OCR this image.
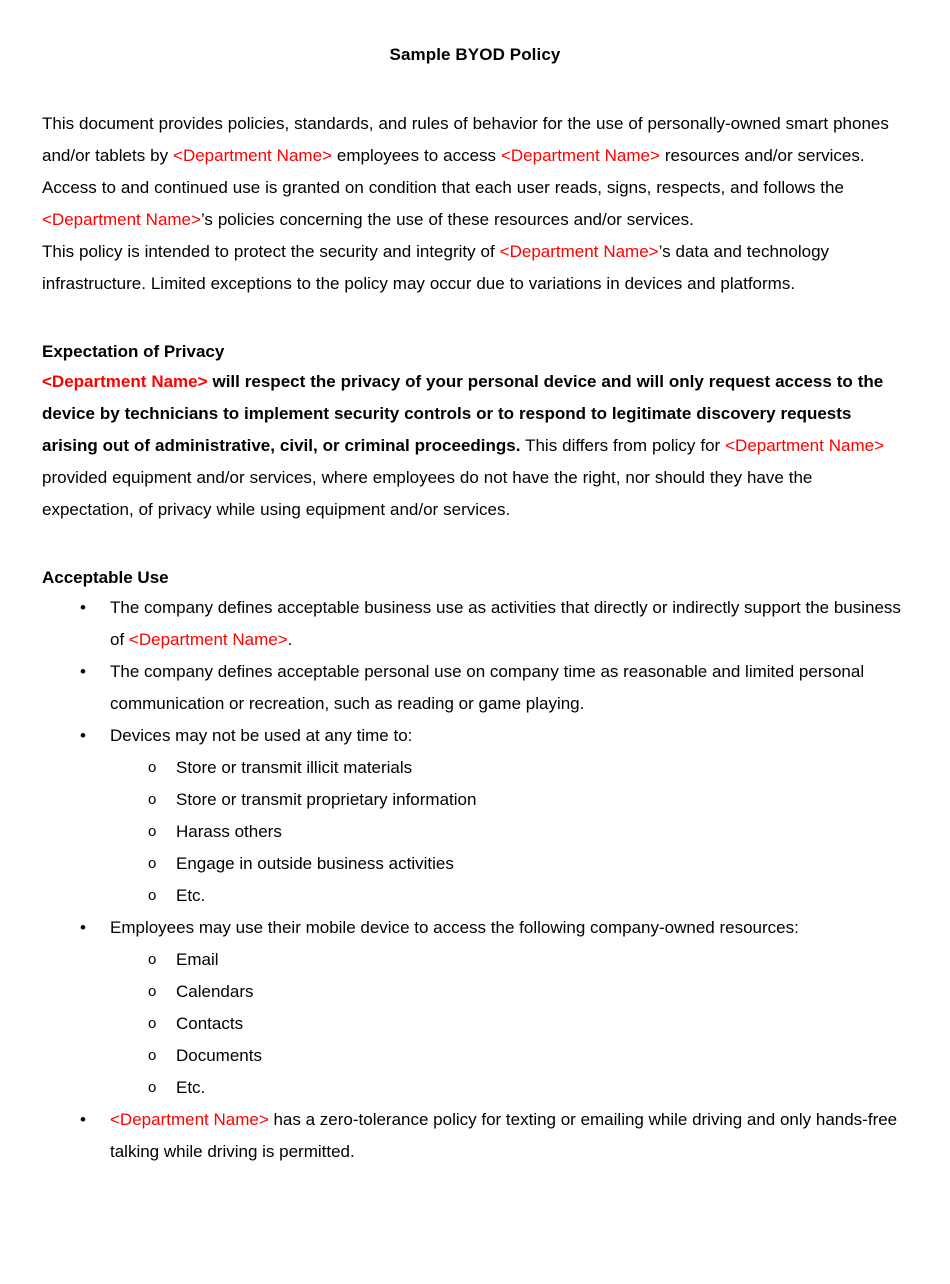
Sample BYOD Policy

This document provides policies, standards, and rules of behavior for the use of personally-owned smart phones and/or tablets by <Department Name> employees to access <Department Name> resources and/or services. Access to and continued use is granted on condition that each user reads, signs, respects, and follows the <Department Name>’s policies concerning the use of these resources and/or services.

This policy is intended to protect the security and integrity of <Department Name>’s data and technology infrastructure. Limited exceptions to the policy may occur due to variations in devices and platforms.

Expectation of Privacy

<Department Name> will respect the privacy of your personal device and will only request access to the device by technicians to implement security controls or to respond to legitimate discovery requests arising out of administrative, civil, or criminal proceedings. This differs from policy for <Department Name> provided equipment and/or services, where employees do not have the right, nor should they have the expectation, of privacy while using equipment and/or services.

Acceptable Use
•	The company defines acceptable business use as activities that directly or indirectly support the business of <Department Name>.
•	The company defines acceptable personal use on company time as reasonable and limited personal communication or recreation, such as reading or game playing.
•	Devices may not be used at any time to:
o	Store or transmit illicit materials
o	Store or transmit proprietary information
o	Harass others
o	Engage in outside business activities
o	Etc.
•	Employees may use their mobile device to access the following company-owned resources:
o	Email
o	Calendars
o	Contacts
o	Documents
o	Etc.
•	<Department Name> has a zero-tolerance policy for texting or emailing while driving and only hands-free talking while driving is permitted.
